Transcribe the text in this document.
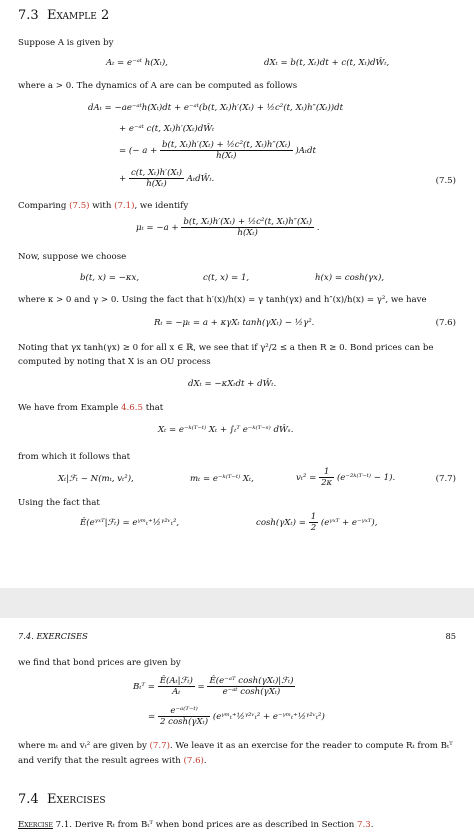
7.3 Example 2
Suppose A is given by
Aₜ = e⁻ᵃᵗ h(Xₜ),	dXₜ = b(t, Xₜ)dt + c(t, Xₜ)dŴₜ,
where a > 0. The dynamics of A are can be computed as follows
dAₜ = −ae⁻ᵃᵗh(Xₜ)dt + e⁻ᵃᵗ(b(t, Xₜ)h′(Xₜ) + ½c²(t, Xₜ)h″(Xₜ))dt
+ e⁻ᵃᵗ c(t, Xₜ)h′(Xₜ)dŴₜ
= (− $a + \frac{\text{b(t, Xₜ)h′(Xₜ) + ½c²(t, Xₜ)h″(Xₜ)}}{\text{h(Xₜ)}} )A_tdt$
+ $\frac{\text{c(t, Xₜ)h′(Xₜ)}}{\text{h(Xₜ)}}$ AₜdŴₜ.	(7.5)
Comparing (7.5) with (7.1), we identify
$\mu_t = -a + \frac{\text{b(t, Xₜ)h′(Xₜ) + ½c²(t, Xₜ)h″(Xₜ)}}{\text{h(Xₜ)}}$ .
Now, suppose we choose
b(t, x) = −κx,	c(t, x) = 1,	h(x) = cosh(γx),
where κ > 0 and γ > 0. Using the fact that h′(x)/h(x) = γ tanh(γx) and h″(x)/h(x) = γ², we have
Rₜ = −μₜ = a + κγXₜ tanh(γXₜ) − ½γ².	(7.6)
Noting that γx tanh(γx) ≥ 0 for all x ∈ ℝ, we see that if γ²/2 ≤ a then R ≥ 0. Bond prices can be
computed by noting that X is an OU process
dXₜ = −κXₜdt + dŴₜ.
We have from Example 4.6.5 that
Xₜ = e⁻ᵏ⁽ᵀ⁻ᵗ⁾ Xₜ + ∫ₜᵀ e⁻ᵏ⁽ᵀ⁻ˢ⁾ dŴₛ.
from which it follows that
Xₜ|ℱₜ ~ N(mₜ, vₜ²),	mₜ = e⁻ᵏ⁽ᵀ⁻ᵗ⁾ Xₜ,	$v_t^2 = \frac{1}{2\kappa}$ (e⁻²ᵏ⁽ᵀ⁻ᵗ⁾ − 1).	(7.7)
Using the fact that
Ê(eᵞˣᵀ|ℱₜ) = eᵞᵐₜ⁺½ᵞ²ᵛₜ²,	$\cosh(\gamma X_t) = \frac{1}{2}$ (eᵞˣᵀ + e⁻ᵞˣᵀ),
7.4. EXERCISES	85
we find that bond prices are given by
Bₜᵀ = $\frac{\text{Ê(Aₜ|ℱₜ)}}{\text{Aₜ}} = \frac{\text{Ê(e⁻ᵃᵀ cosh(γXₜ)|ℱₜ)}}{\text{e⁻ᵃᵗ cosh(γXₜ)}}$
= $\frac{\text{e⁻ᵃ⁽ᵀ⁻ᵗ⁾}}{\text{2 cosh(γXₜ)}}$ (eᵞᵐₜ⁺½ᵞ²ᵛₜ² + e⁻ᵞᵐₜ⁺½ᵞ²ᵛₜ²)
where mₜ and vₜ² are given by (7.7). We leave it as an exercise for the reader to compute Rₜ from Bₜᵀ
and verify that the result agrees with (7.6).
7.4 Exercises
Exercise 7.1. Derive Rₜ from Bₜᵀ when bond prices are as described in Section 7.3.
